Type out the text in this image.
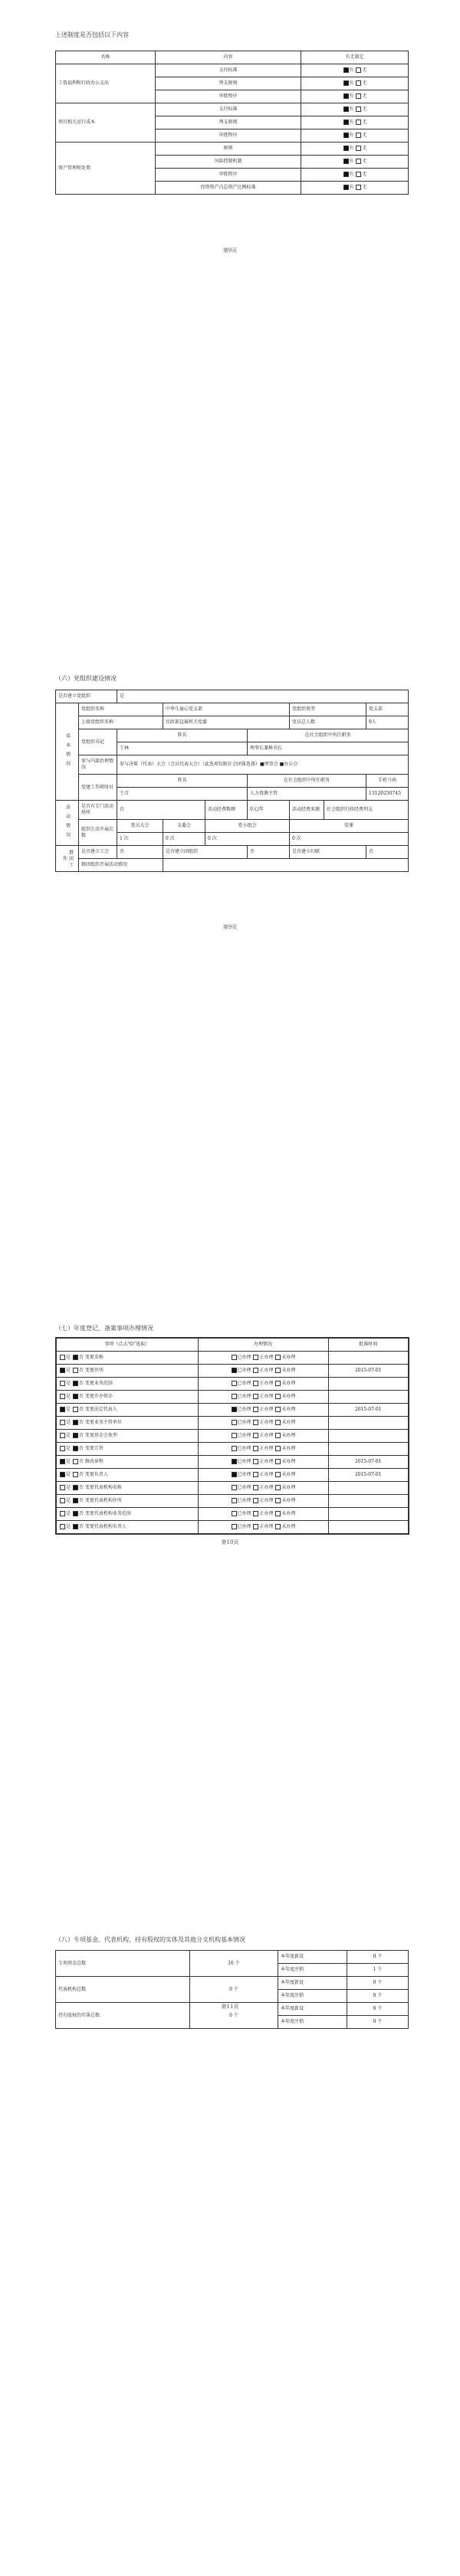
上述制度是否包括以下内容
名称	内容	有无制定
工资福利和行政办公支出	支付标准	有 无
	列支原则	有 无
	审批程序	有 无
项目相关运行成本	支付标准	有 无
	列支原则	有 无
	审批程序	有 无
资产管理和处置	原则	有 无
	风险控制机制	有 无
	审批程序	有 无
	投资资产占总资产比例标准	有 无
第9页
（六）党组织建设情况
是否建立党组织		是						
基本情况	党组织名称		中华儿童心党支部			党组织类型		党支部
	上级党组织名称		民政部直属机关党委			党员总人数		9人
	党组织书记	姓名			在社会组织中所任职务			
		王林			理事长兼秘书长			
	参与内部治理情况	参与决策（代表）大会（会员代表大会）（此选项仅限社会团体选择）■理事会 ■办公会						
	党建工作联络员	姓名			在社会组织中所任职务			手机号码
		王音			人力资源主管			13120250745
活动情况	是否有专门活动场所	否		活动经费数额	0元/年	活动经费来源	社会组织行政经费列支	
	组织生活开展次数	党员大会	支委会	党小组会		党课		
		1 次	0 次	0 次		0 次		
群团工作	是否建立工会	否	是否建立团组织		否	是否建立妇联		否
	群团组织开展活动情况							
第9页
（七）年度登记、备案事项办理情况
事项（点击“O”选取）	办理情况	批准时间
是 否 变更名称	已办理 正办理 未办理	
是 否 变更住所	已办理 正办理 未办理	2015-07-01
是 否 变更业务范围	已办理 正办理 未办理	
是 否 变更开办资金	已办理 正办理 未办理	
是 否 变更法定代表人	已办理 正办理 未办理	2015-07-01
是 否 变更业务主管单位	已办理 正办理 未办理	
是 否 变更基金会类型	已办理 正办理 未办理	
是 否 变更宗旨	已办理 正办理 未办理	
是 否 修改章程	已办理 正办理 未办理	2015-07-01
是 否 变更负责人	已办理 正办理 未办理	2015-07-01
是 否 变更代表机构名称	已办理 正办理 未办理	
是 否 变更代表机构住所	已办理 正办理 未办理	
是 否 变更代表机构业务范围	已办理 正办理 未办理	
是 否 变更代表机构负责人	已办理 正办理 未办理	
第10页
（八）专项基金、代表机构、持有股权的实体及其他分支机构基本情况
专项基金总数	16 个	本年度新设	0 个
		本年度注销	1 个
代表机构总数	0 个	本年度新设	0 个
		本年度注销	0 个
持有股权的实体总数	0 个	本年度新设	0 个
		本年度注销	0 个
第11页
